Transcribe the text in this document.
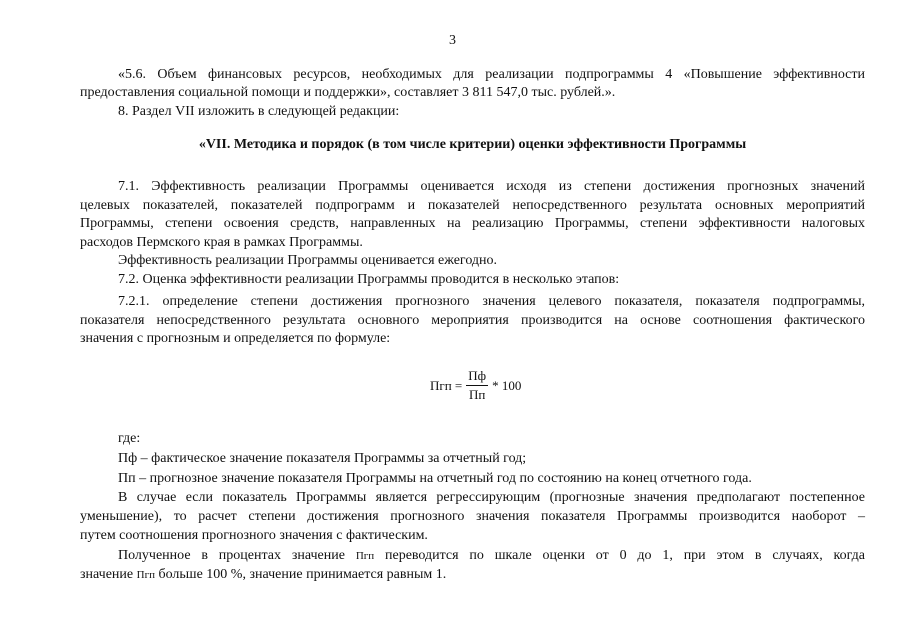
3
«5.6. Объем финансовых ресурсов, необходимых для реализации подпрограммы 4 «Повышение эффективности
предоставления социальной помощи и поддержки», составляет 3 811 547,0 тыс. рублей.».
8. Раздел VII изложить в следующей редакции:
«VII. Методика и порядок (в том числе критерии) оценки эффективности Программы
7.1. Эффективность реализации Программы оценивается исходя из степени достижения прогнозных значений
целевых показателей, показателей подпрограмм и показателей непосредственного результата основных мероприятий
Программы, степени освоения средств, направленных на реализацию Программы, степени эффективности налоговых
расходов Пермского края в рамках Программы.
Эффективность реализации Программы оценивается ежегодно.
7.2. Оценка эффективности реализации Программы проводится в несколько этапов:
7.2.1. определение степени достижения прогнозного значения целевого показателя, показателя подпрограммы,
показателя непосредственного результата основного мероприятия производится на основе соотношения фактического
значения с прогнозным и определяется по формуле:
Пгп = $\frac{Пф}{Пп} * 100$
где:
Пф – фактическое значение показателя Программы за отчетный год;
Пп – прогнозное значение показателя Программы на отчетный год по состоянию на конец отчетного года.
В случае если показатель Программы является регрессирующим (прогнозные значения предполагают постепенное
уменьшение), то расчет степени достижения прогнозного значения показателя Программы производится наоборот –
путем соотношения прогнозного значения с фактическим.
Полученное в процентах значение Пгп переводится по шкале оценки от 0 до 1, при этом в случаях, когда
значение Пгп больше 100 %, значение принимается равным 1.
